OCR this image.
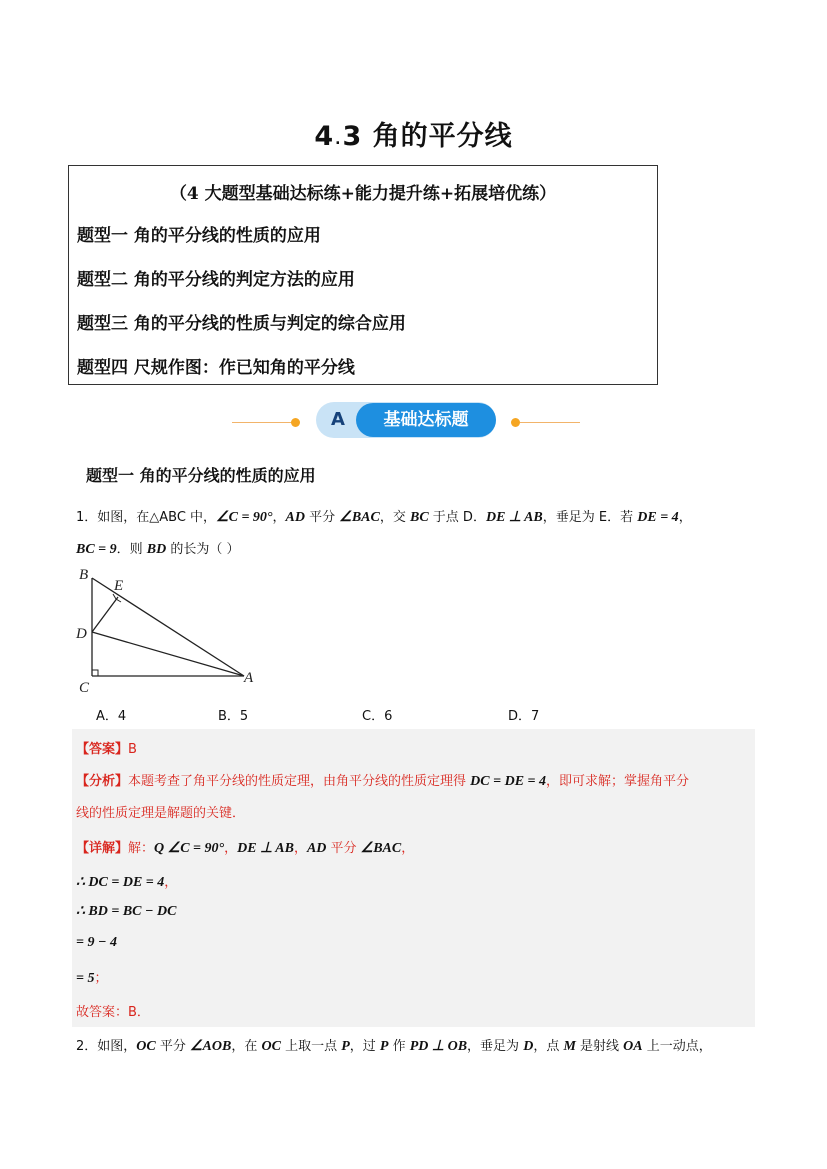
4.3 角的平分线
（4 大题型基础达标练+能力提升练+拓展培优练）
题型一 角的平分线的性质的应用
题型二 角的平分线的判定方法的应用
题型三 角的平分线的性质与判定的综合应用
题型四 尺规作图：作已知角的平分线
A	基础达标题
题型一 角的平分线的性质的应用
1．如图，在△ABC 中，∠C = 90°，AD 平分 ∠BAC，交 BC 于点 D．DE ⊥ AB，垂足为 E．若 DE = 4，
BC = 9．则 BD 的长为（ ）
B
E
D
C
A
A．4	B．5	C．6	D．7
【答案】B
【分析】本题考查了角平分线的性质定理，由角平分线的性质定理得 DC = DE = 4，即可求解；掌握角平分
线的性质定理是解题的关键．
【详解】解：Q ∠C = 90°，DE ⊥ AB，AD 平分 ∠BAC，
∴ DC = DE = 4，
∴ BD = BC − DC
= 9 − 4
= 5；
故答案：B．
2．如图，OC 平分 ∠AOB，在 OC 上取一点 P，过 P 作 PD ⊥ OB，垂足为 D，点 M 是射线 OA 上一动点，
